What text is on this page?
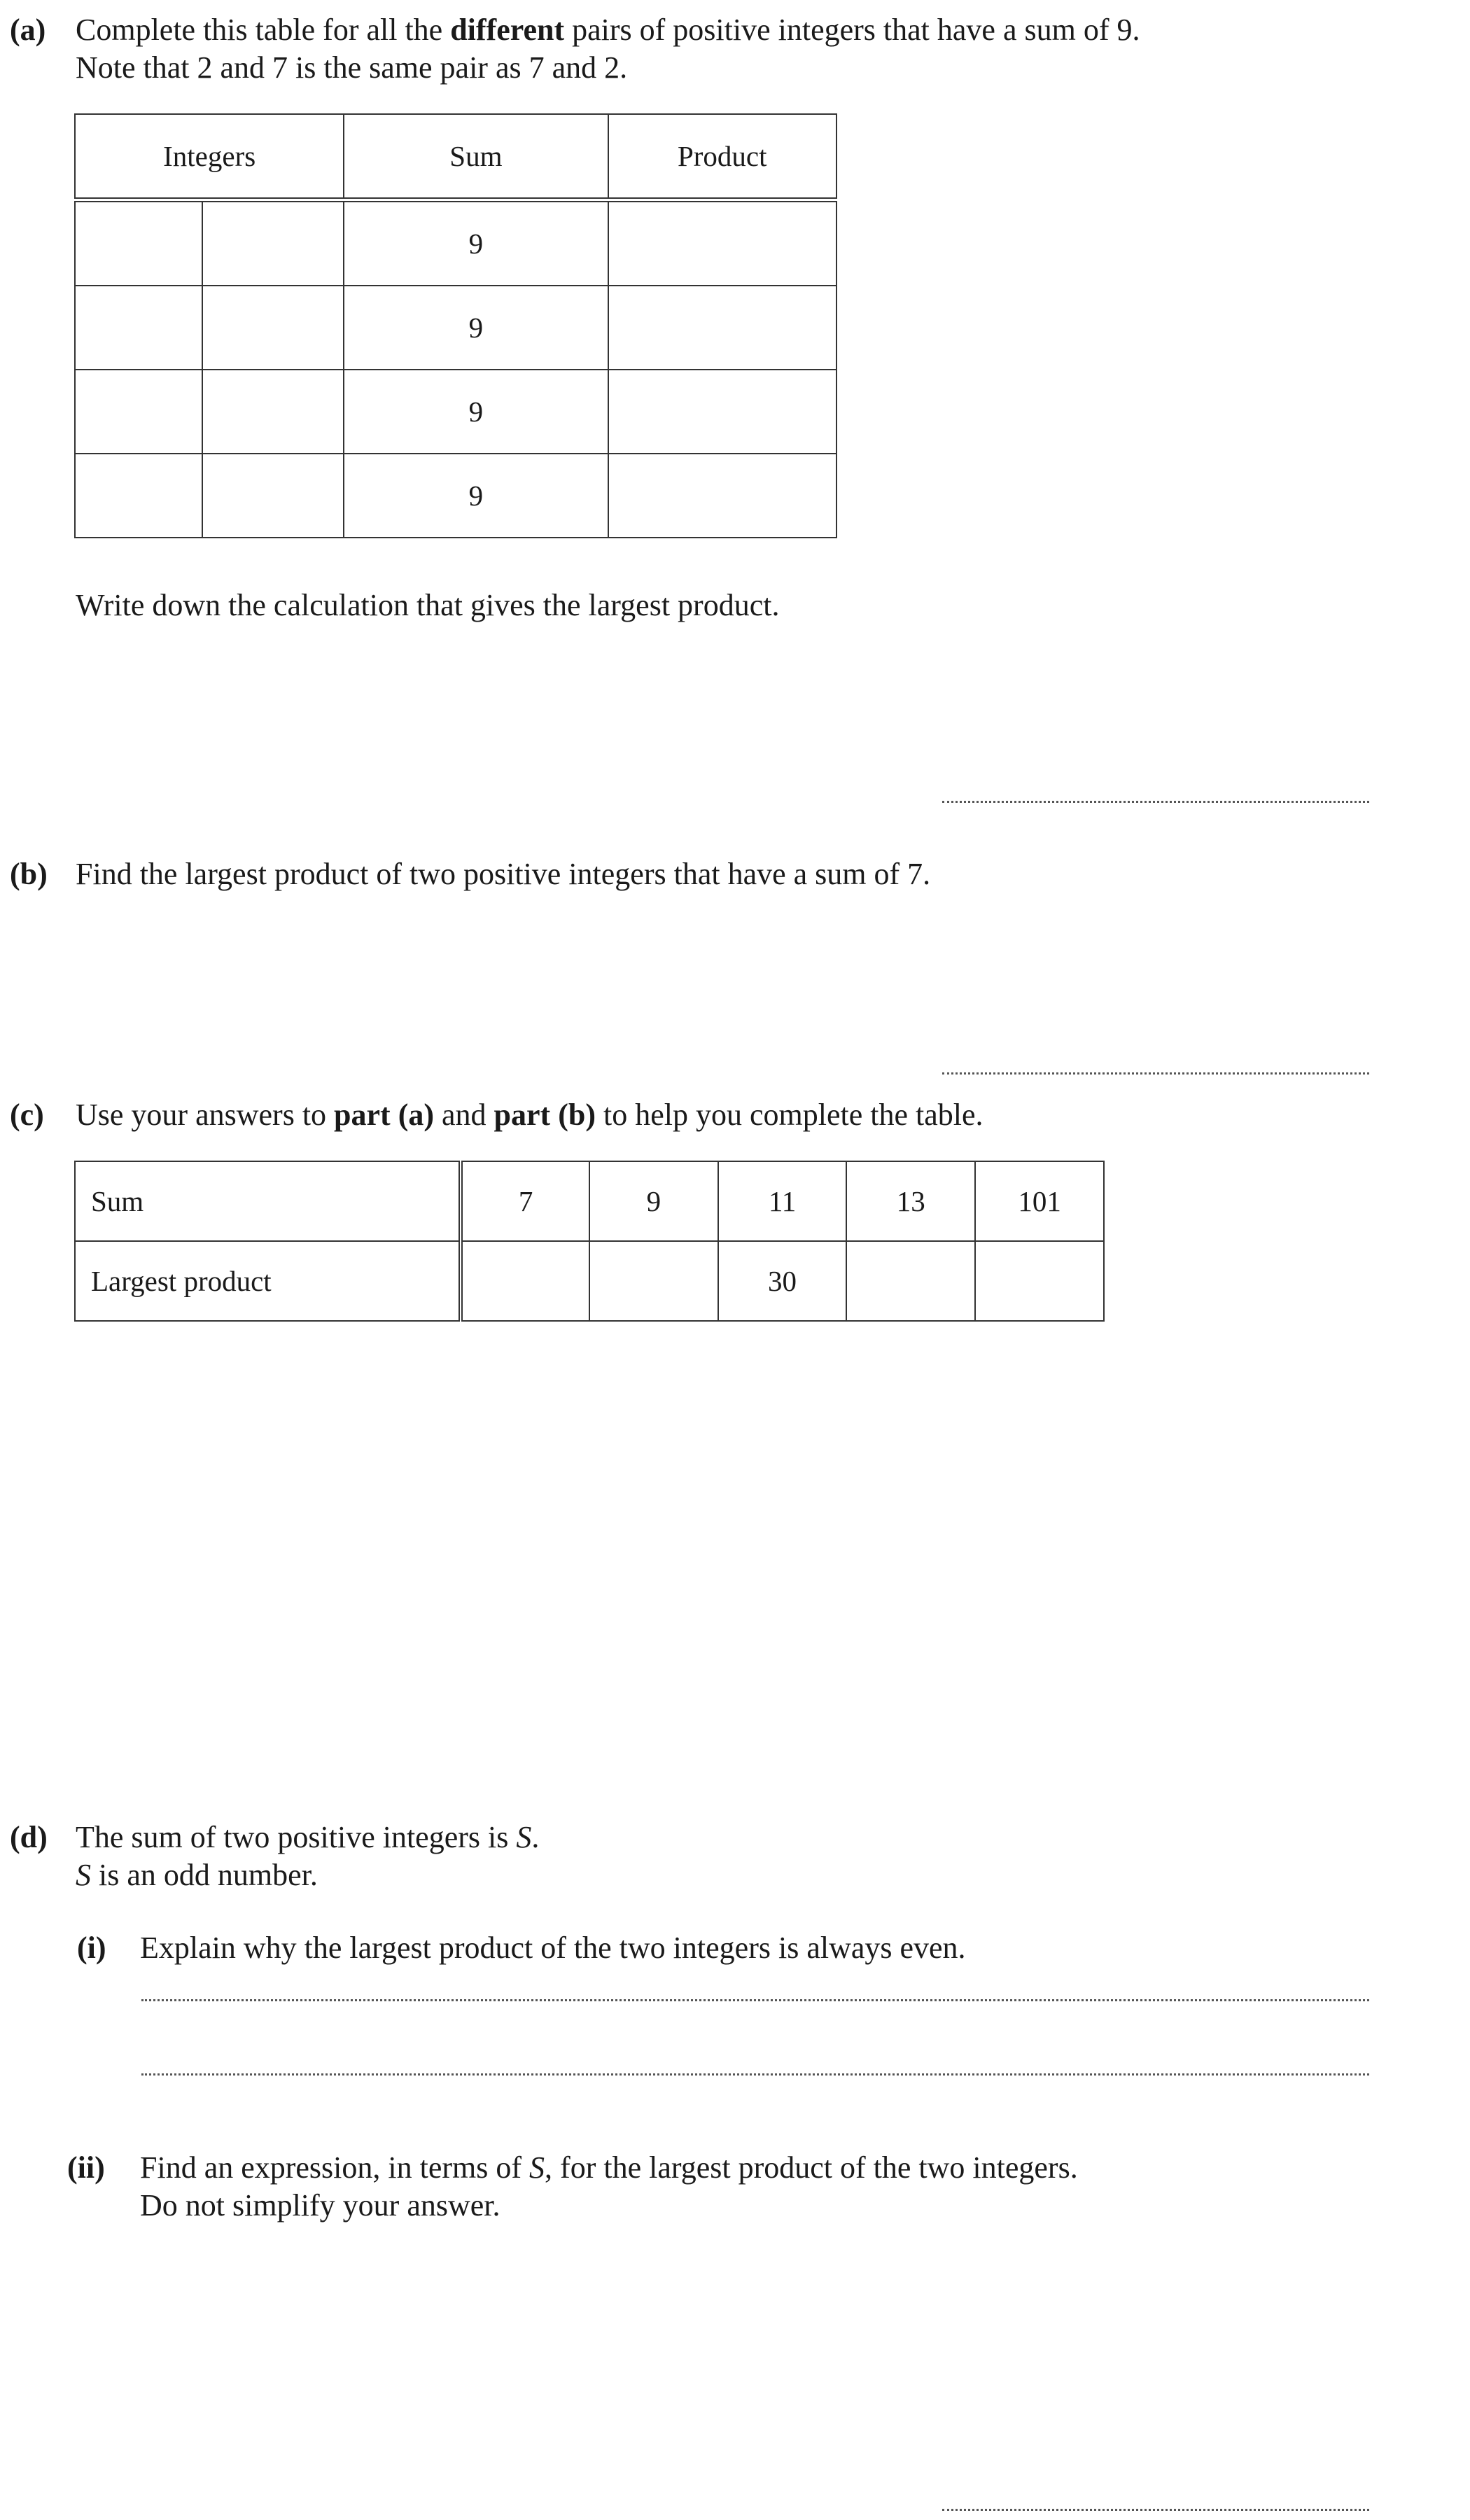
(a) Complete this table for all the different pairs of positive integers that have a sum of 9.
Note that 2 and 7 is the same pair as 7 and 2.
Integers		Sum	Product
		9	
		9	
		9	
		9	
Write down the calculation that gives the largest product.
(b) Find the largest product of two positive integers that have a sum of 7.
(c) Use your answers to part (a) and part (b) to help you complete the table.
Sum	7	9	11	13	101
Largest product			30		
(d) The sum of two positive integers is S.
S is an odd number.
(i) Explain why the largest product of the two integers is always even.
(ii) Find an expression, in terms of S, for the largest product of the two integers.
Do not simplify your answer.
